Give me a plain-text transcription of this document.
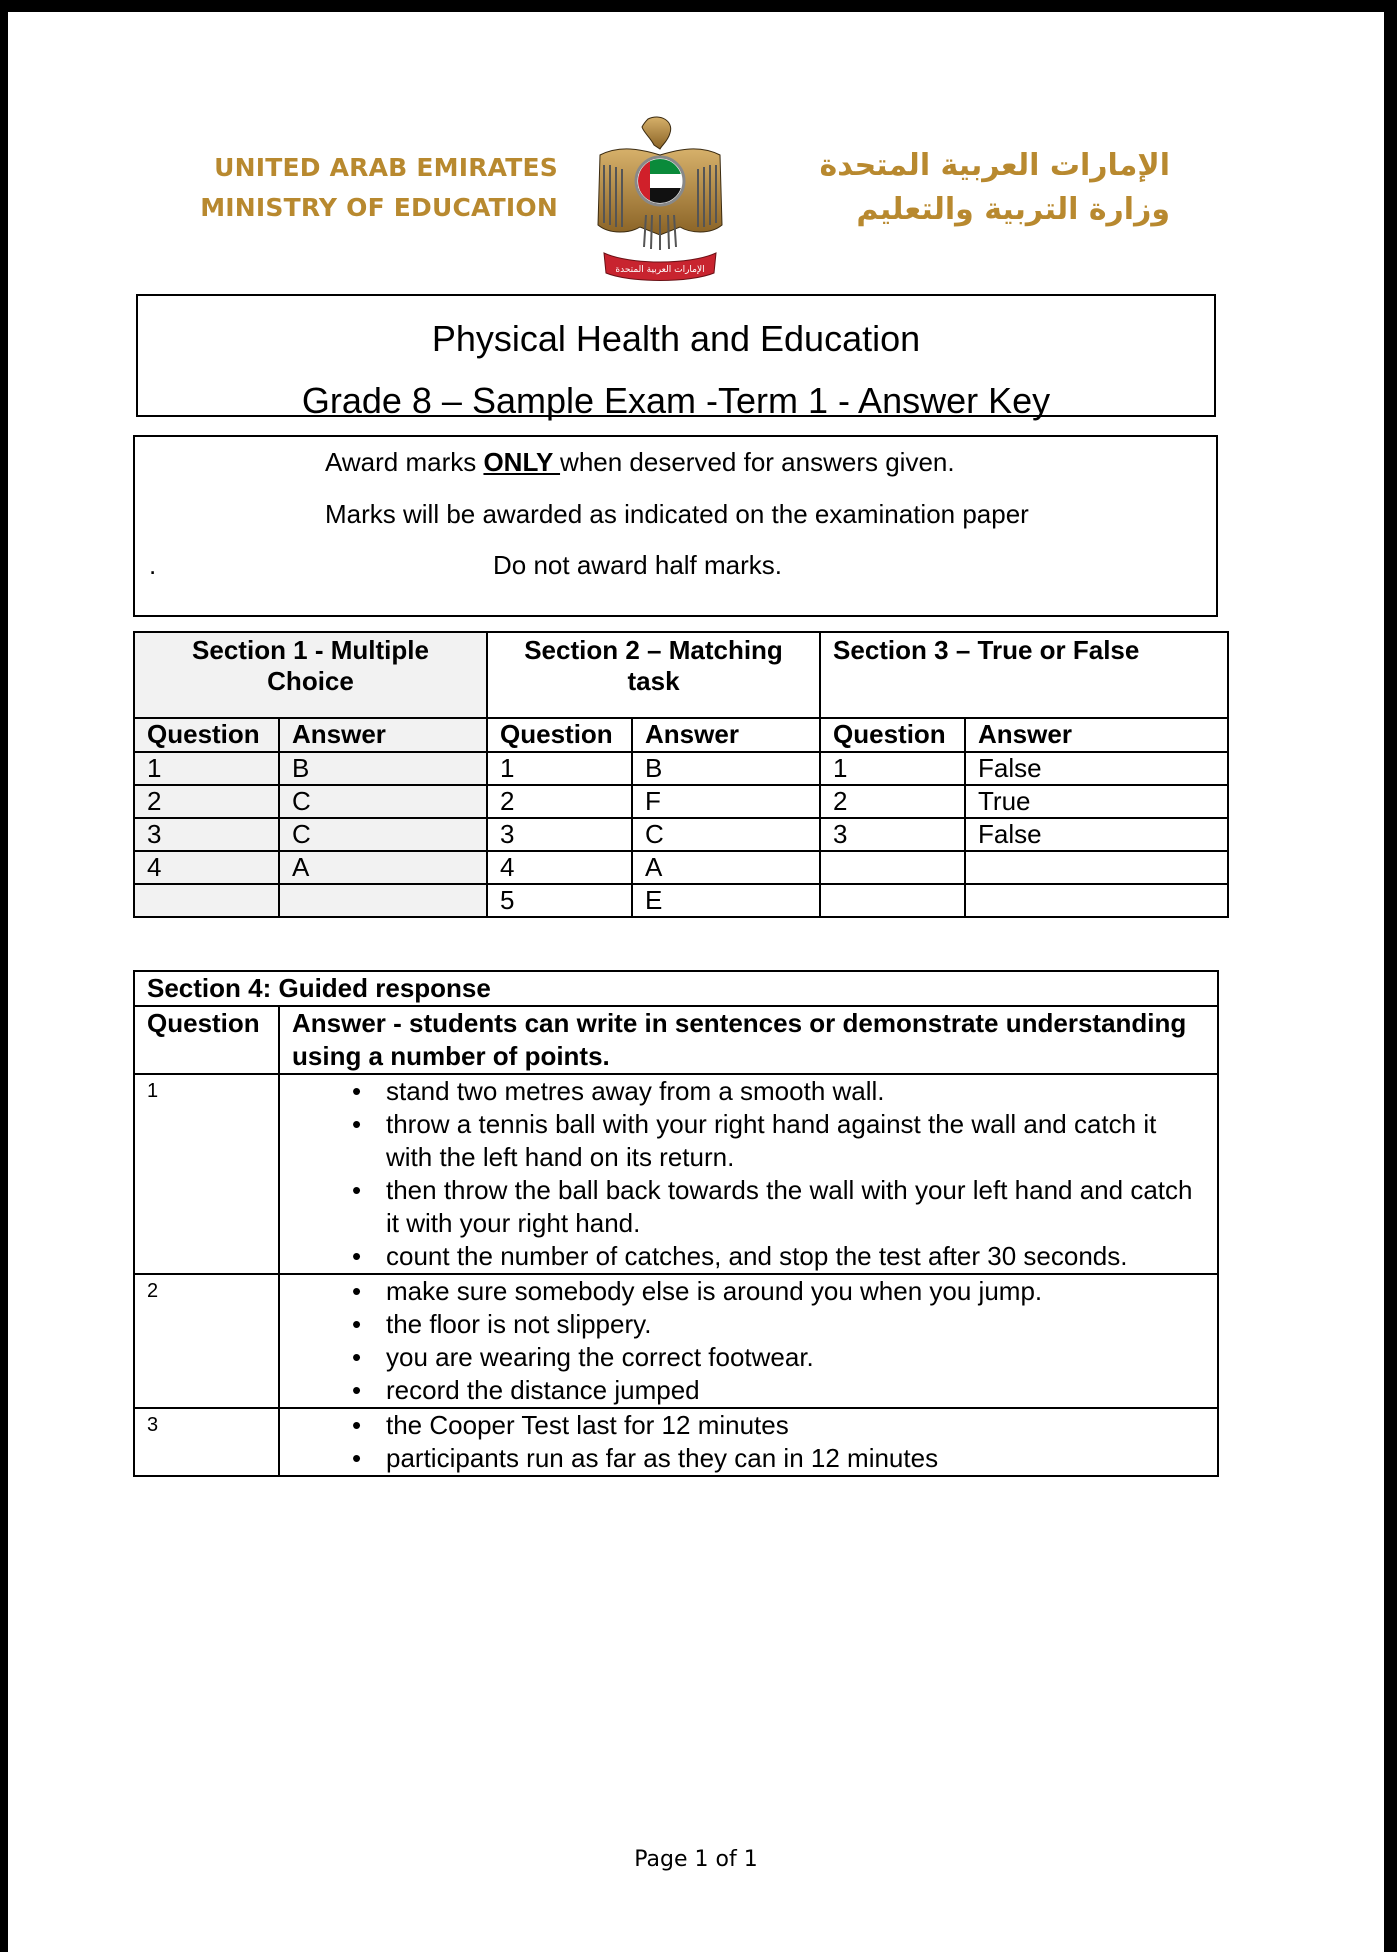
UNITED ARAB EMIRATES
MINISTRY OF EDUCATION
الإمارات العربية المتحدة
الإمارات العربية المتحدة
وزارة التربية والتعليم
Physical Health and Education
Grade 8 – Sample Exam -Term 1 - Answer Key
Award marks ONLY when deserved for answers given.
Marks will be awarded as indicated on the examination paper
.	Do not award half marks.
Section 1 - Multiple Choice		Section 2 – Matching task		Section 3 – True or False	
Question	Answer	Question	Answer	Question	Answer
1	B	1	B	1	False
2	C	2	F	2	True
3	C	3	C	3	False
4	A	4	A		
		5	E		
Section 4: Guided response	
Question	Answer - students can write in sentences or demonstrate understanding using a number of points.
1	• stand two metres away from a smooth wall.
• throw a tennis ball with your right hand against the wall and catch it with the left hand on its return.
• then throw the ball back towards the wall with your left hand and catch it with your right hand.
• count the number of catches, and stop the test after 30 seconds.

2	• make sure somebody else is around you when you jump.
• the floor is not slippery.
• you are wearing the correct footwear.
• record the distance jumped

3	• the Cooper Test last for 12 minutes
• participants run as far as they can in 12 minutes
Page 1 of 1
